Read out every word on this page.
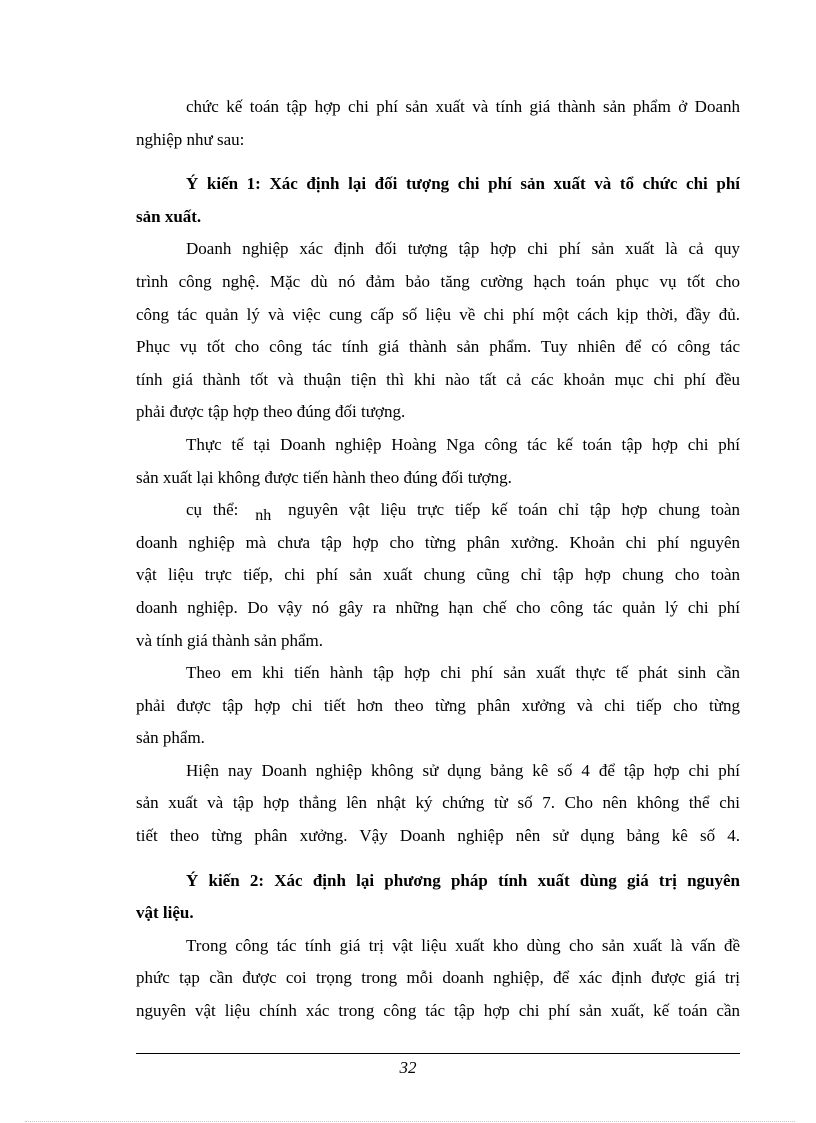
chức kế toán tập hợp chi phí sản xuất và tính giá thành sản phẩm ở Doanh
nghiệp như sau:
Ý kiến 1: Xác định lại đối tượng chi phí sản xuất và tổ chức chi phí
sản xuất.
Doanh nghiệp xác định đối tượng tập hợp chi phí sản xuất là cả quy
trình công nghệ. Mặc dù nó đảm bảo tăng cường hạch toán phục vụ tốt cho
công tác quản lý và việc cung cấp số liệu về chi phí một cách kịp thời, đầy đủ.
Phục vụ tốt cho công tác tính giá thành sản phẩm. Tuy nhiên để có công tác
tính giá thành tốt và thuận tiện thì khi nào tất cả các khoản mục chi phí đều
phải được tập hợp theo đúng đối tượng.
Thực tế tại Doanh nghiệp Hoàng Nga công tác kế toán tập hợp chi phí
sản xuất lại không được tiến hành theo đúng đối tượng.
cụ thể: nh nguyên vật liệu trực tiếp kế toán chỉ tập hợp chung toàn
doanh nghiệp mà chưa tập hợp cho từng phân xưởng. Khoản chi phí nguyên
vật liệu trực tiếp, chi phí sản xuất chung cũng chỉ tập hợp chung cho toàn
doanh nghiệp. Do vậy nó gây ra những hạn chế cho công tác quản lý chi phí
và tính giá thành sản phẩm.
Theo em khi tiến hành tập hợp chi phí sản xuất thực tế phát sinh cần
phải được tập hợp chi tiết hơn theo từng phân xưởng và chi tiếp cho từng
sản phẩm.
Hiện nay Doanh nghiệp không sử dụng bảng kê số 4 để tập hợp chi phí
sản xuất và tập hợp thẳng lên nhật ký chứng từ số 7. Cho nên không thể chi
tiết theo từng phân xưởng. Vậy Doanh nghiệp nên sử dụng bảng kê số 4.
Ý kiến 2: Xác định lại phương pháp tính xuất dùng giá trị nguyên
vật liệu.
Trong công tác tính giá trị vật liệu xuất kho dùng cho sản xuất là vấn đề
phức tạp cần được coi trọng trong mỗi doanh nghiệp, để xác định được giá trị
nguyên vật liệu chính xác trong công tác tập hợp chi phí sản xuất, kế toán cần
32
